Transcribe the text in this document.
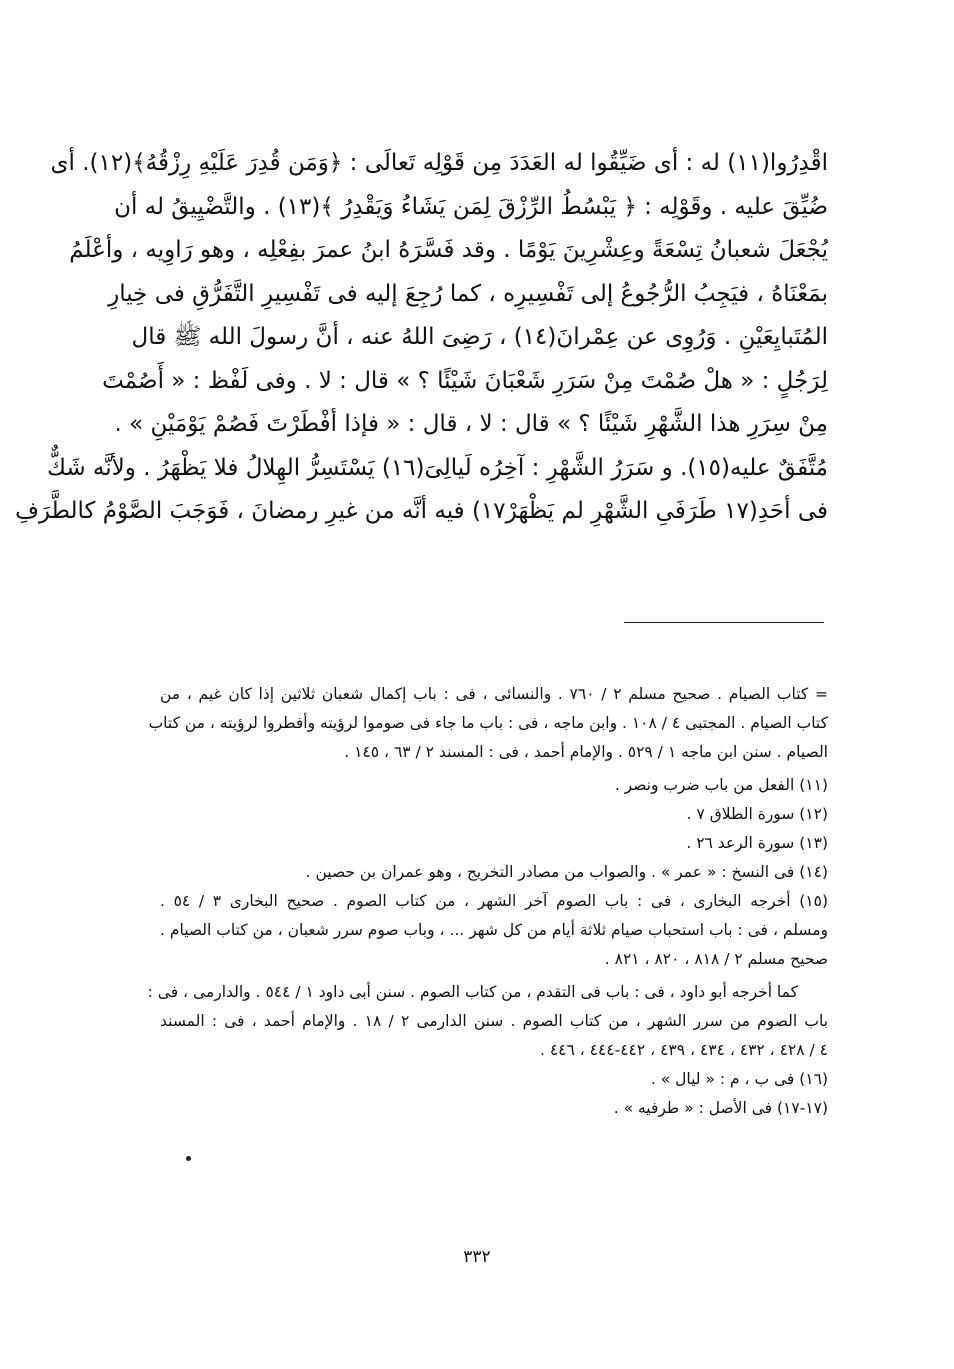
اقْدِرُوا(١١) له : أى ضَيِّقُوا له العَدَدَ مِن قَوْلِه تَعالَى : ﴿وَمَن قُدِرَ عَلَيْهِ رِزْقُهُ﴾(١٢). أى
ضُيِّقَ عليه . وقَوْلِه : ﴿ يَبْسُطُ الرِّزْقَ لِمَن يَشَاءُ وَيَقْدِرُ ﴾(١٣) . والتَّضْيِيقُ له أن
يُجْعَلَ شعبانُ تِسْعَةً وعِشْرِينَ يَوْمًا . وقد فَسَّرَهُ ابنُ عمرَ بفِعْلِه ، وهو رَاوِيه ، وأعْلَمُ
بمَعْنَاهُ ، فيَجِبُ الرُّجُوعُ إلى تَفْسِيرِه ، كما رُجِعَ إليه فى تَفْسِيرِ التَّفَرُّقِ فى خِيارِ
المُتَبايِعَيْنِ . وَرُوِى عن عِمْرانَ(١٤) ، رَضِىَ اللهُ عنه ، أنَّ رسولَ الله ﷺ قال
لِرَجُلٍ : « هلْ صُمْتَ مِنْ سَرَرِ شَعْبَانَ شَيْئًا ؟ » قال : لا . وفى لَفْظ : « أَصُمْتَ
مِنْ سِرَرِ هذا الشَّهْرِ شَيْئًا ؟ » قال : لا ، قال : « فإذا أفْطَرْتَ فَصُمْ يَوْمَيْنِ » .
مُتَّفَقٌ عليه(١٥). و سَرَرُ الشَّهْرِ : آخِرُه لَيالِىَ(١٦) يَسْتَسِرُّ الهِلالُ فلا يَظْهَرُ . ولأنَّه شَكٌّ
فى أحَدِ(١٧ طَرَفَىِ الشَّهْرِ لم يَظْهَرْ١٧) فيه أنَّه من غيرِ رمضانَ ، فَوَجَبَ الصَّوْمُ كالطَّرَفِ
= كتاب الصيام . صحيح مسلم ٢ / ٧٦٠ . والنسائى ، فى : باب إكمال شعبان ثلاثين إذا كان غيم ، من
كتاب الصيام . المجتبى ٤ / ١٠٨ . وابن ماجه ، فى : باب ما جاء فى صوموا لرؤيته وأفطروا لرؤيته ، من كتاب
الصيام . سنن ابن ماجه ١ / ٥٢٩ . والإمام أحمد ، فى : المسند ٢ / ٦٣ ، ١٤٥ .
(١١) الفعل من باب ضرب ونصر .
(١٢) سورة الطلاق ٧ .
(١٣) سورة الرعد ٢٦ .
(١٤) فى النسخ : « عمر » . والصواب من مصادر التخريج ، وهو عمران بن حصين .
(١٥) أخرجه البخارى ، فى : باب الصوم آخر الشهر ، من كتاب الصوم . صحيح البخارى ٣ / ٥٤ .
ومسلم ، فى : باب استحباب صيام ثلاثة أيام من كل شهر ... ، وباب صوم سرر شعبان ، من كتاب الصيام .
صحيح مسلم ٢ / ٨١٨ ، ٨٢٠ ، ٨٢١ .
كما أخرجه أبو داود ، فى : باب فى التقدم ، من كتاب الصوم . سنن أبى داود ١ / ٥٤٤ . والدارمى ، فى :
باب الصوم من سرر الشهر ، من كتاب الصوم . سنن الدارمى ٢ / ١٨ . والإمام أحمد ، فى : المسند
٤ / ٤٢٨ ، ٤٣٢ ، ٤٣٤ ، ٤٣٩ ، ٤٤٢-٤٤٤ ، ٤٤٦ .
(١٦) فى ب ، م : « ليال » .
(١٧-١٧) فى الأصل : « طرفيه » .
٣٣٢
